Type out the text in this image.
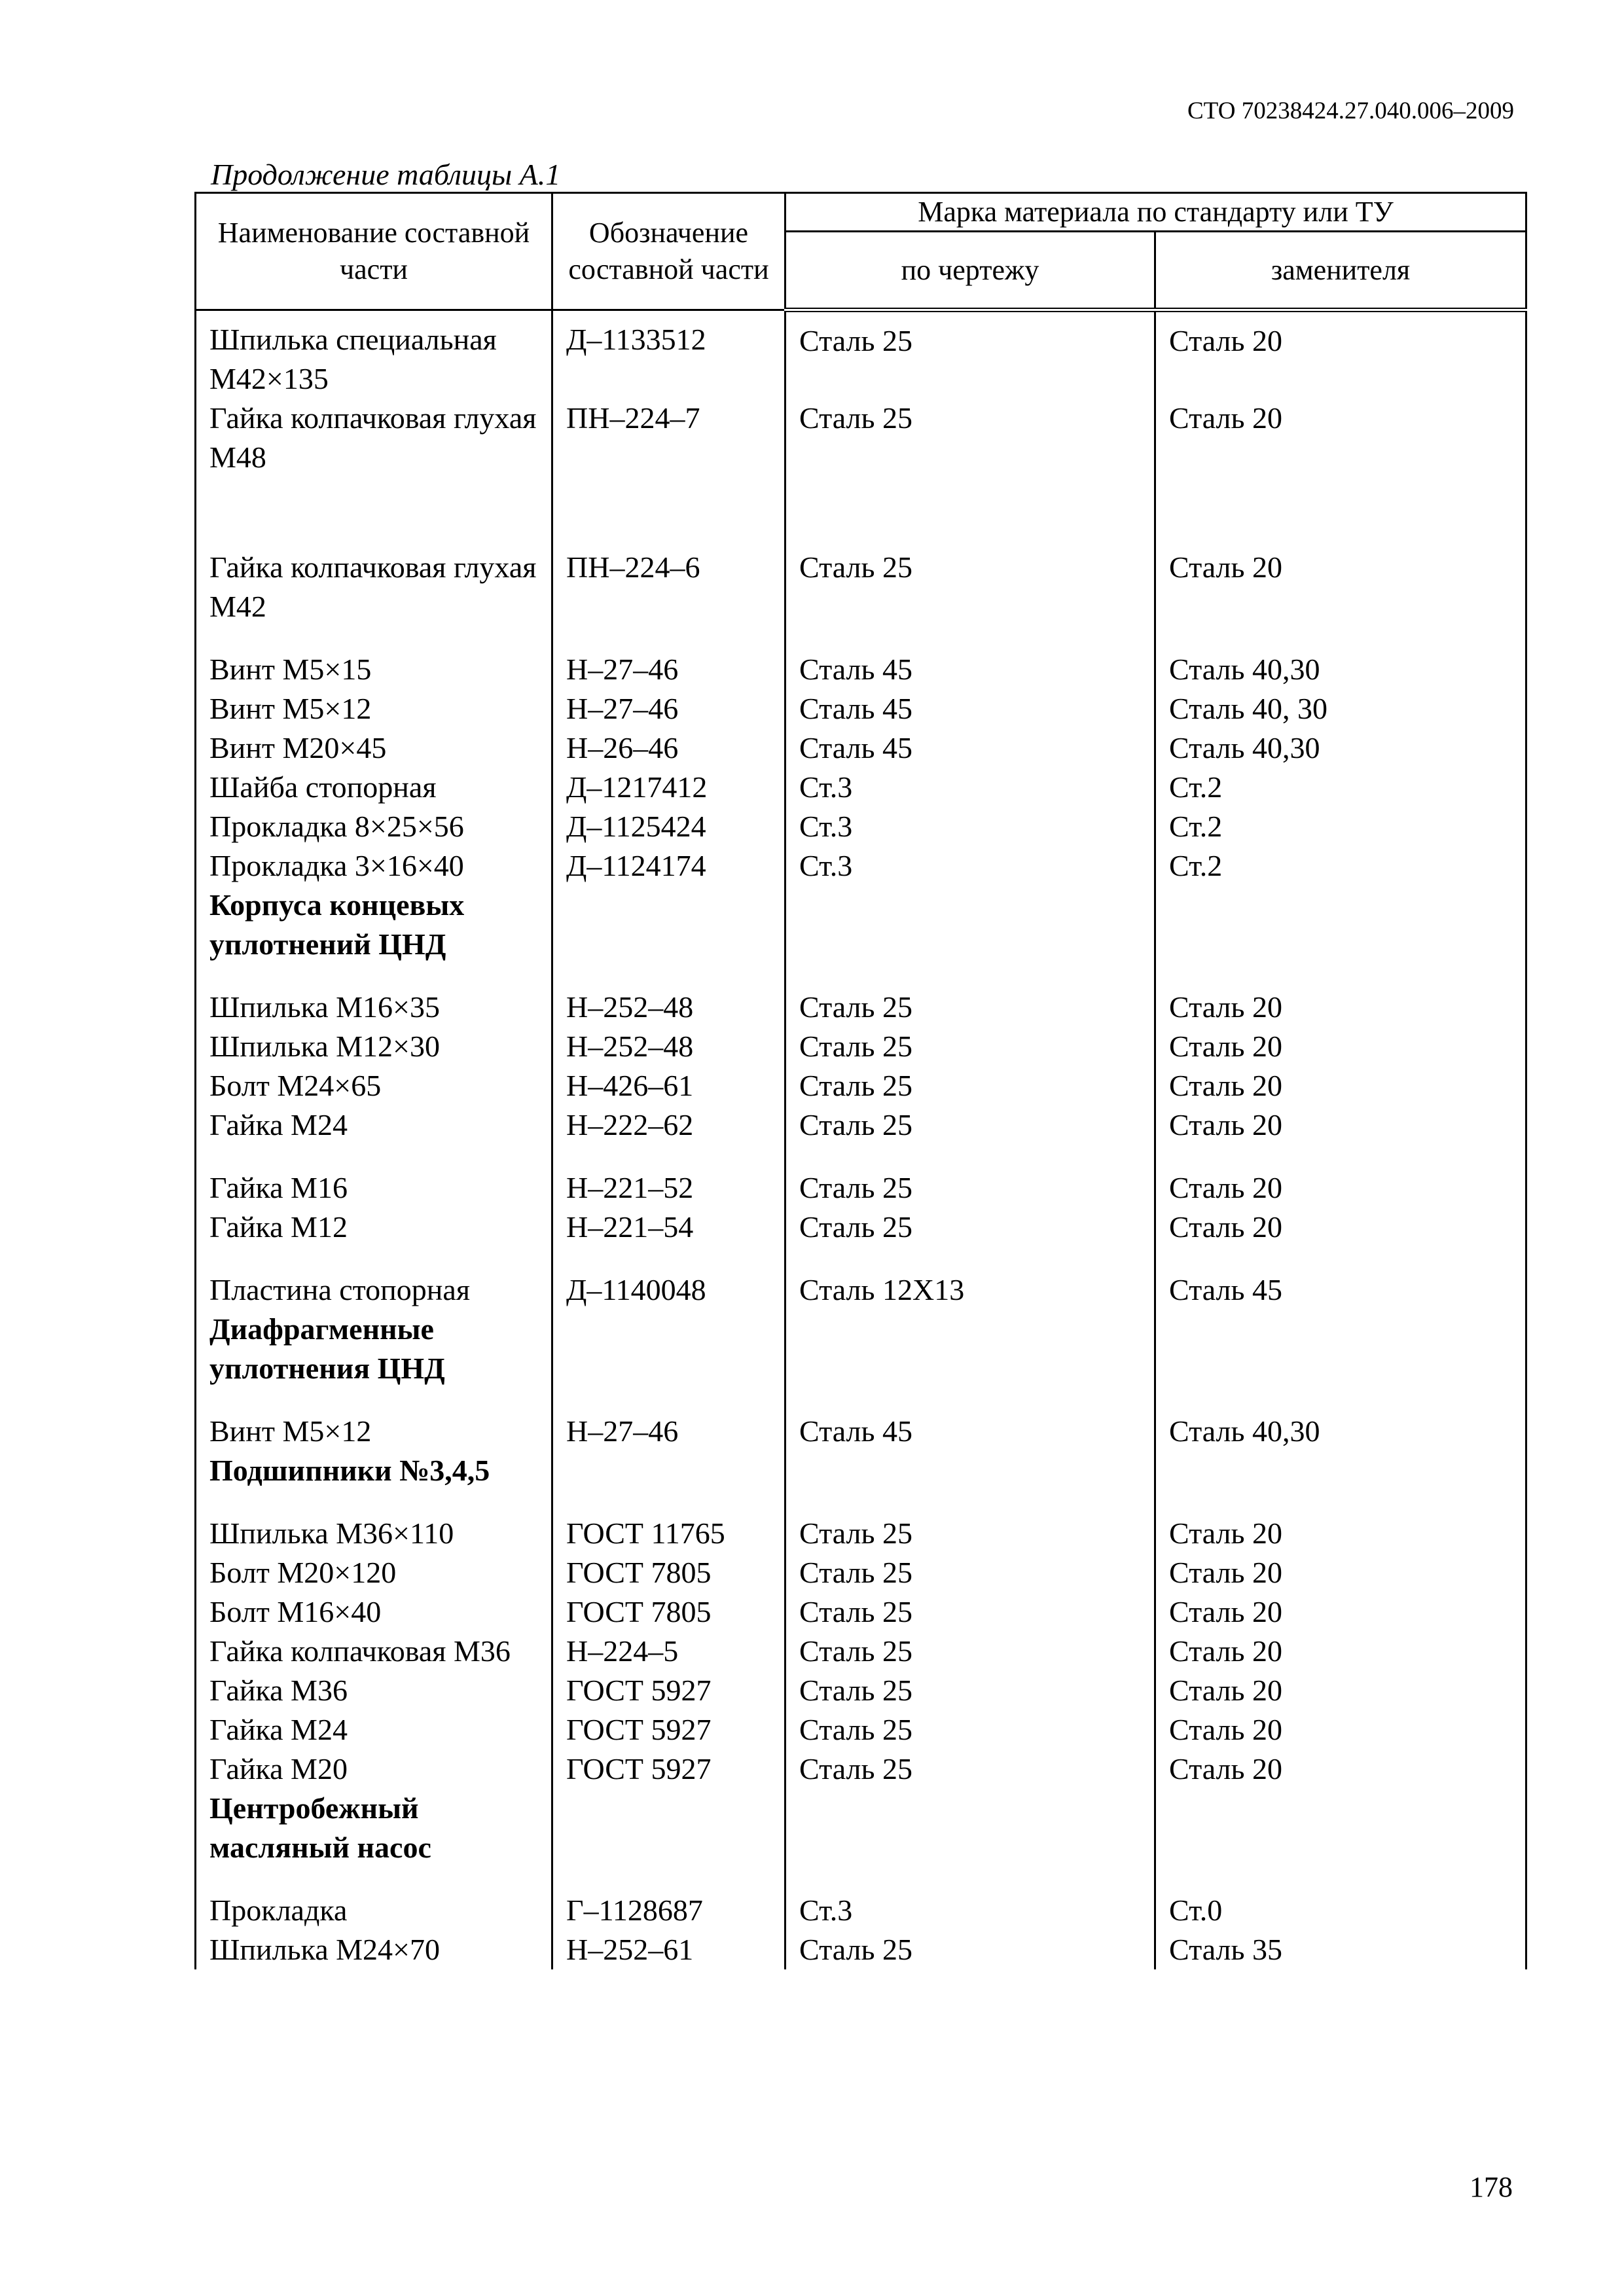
СТО 70238424.27.040.006–2009
Продолжение таблицы А.1
Наименование составной части	Обозначение составной части	Марка материала по стандарту или ТУ	
		по чертежу	заменителя
Шпилька специальная М42×135	Д–1133512	Сталь 25	Сталь 20
Гайка колпачковая глухая М48	ПН–224–7	Сталь 25	Сталь 20

Гайка колпачковая глухая М42	ПН–224–6	Сталь 25	Сталь 20

Винт М5×15	Н–27–46	Сталь 45	Сталь 40,30
Винт М5×12	Н–27–46	Сталь 45	Сталь 40, 30
Винт М20×45	Н–26–46	Сталь 45	Сталь 40,30
Шайба стопорная	Д–1217412	Ст.3	Ст.2
Прокладка 8×25×56	Д–1125424	Ст.3	Ст.2
Прокладка 3×16×40	Д–1124174	Ст.3	Ст.2
Корпуса концевых уплотнений ЦНД			

Шпилька М16×35	Н–252–48	Сталь 25	Сталь 20
Шпилька М12×30	Н–252–48	Сталь 25	Сталь 20
Болт М24×65	Н–426–61	Сталь 25	Сталь 20
Гайка М24	Н–222–62	Сталь 25	Сталь 20

Гайка М16	Н–221–52	Сталь 25	Сталь 20
Гайка М12	Н–221–54	Сталь 25	Сталь 20

Пластина стопорная	Д–1140048	Сталь 12Х13	Сталь 45
Диафрагменные уплотнения ЦНД			

Винт М5×12	Н–27–46	Сталь 45	Сталь 40,30
Подшипники №3,4,5			

Шпилька М36×110	ГОСТ 11765	Сталь 25	Сталь 20
Болт М20×120	ГОСТ 7805	Сталь 25	Сталь 20
Болт М16×40	ГОСТ 7805	Сталь 25	Сталь 20
Гайка колпачковая М36	Н–224–5	Сталь 25	Сталь 20
Гайка М36	ГОСТ 5927	Сталь 25	Сталь 20
Гайка М24	ГОСТ 5927	Сталь 25	Сталь 20
Гайка М20	ГОСТ 5927	Сталь 25	Сталь 20
Центробежный масляный насос			

Прокладка	Г–1128687	Ст.3	Ст.0
Шпилька М24×70	Н–252–61	Сталь 25	Сталь 35
178
